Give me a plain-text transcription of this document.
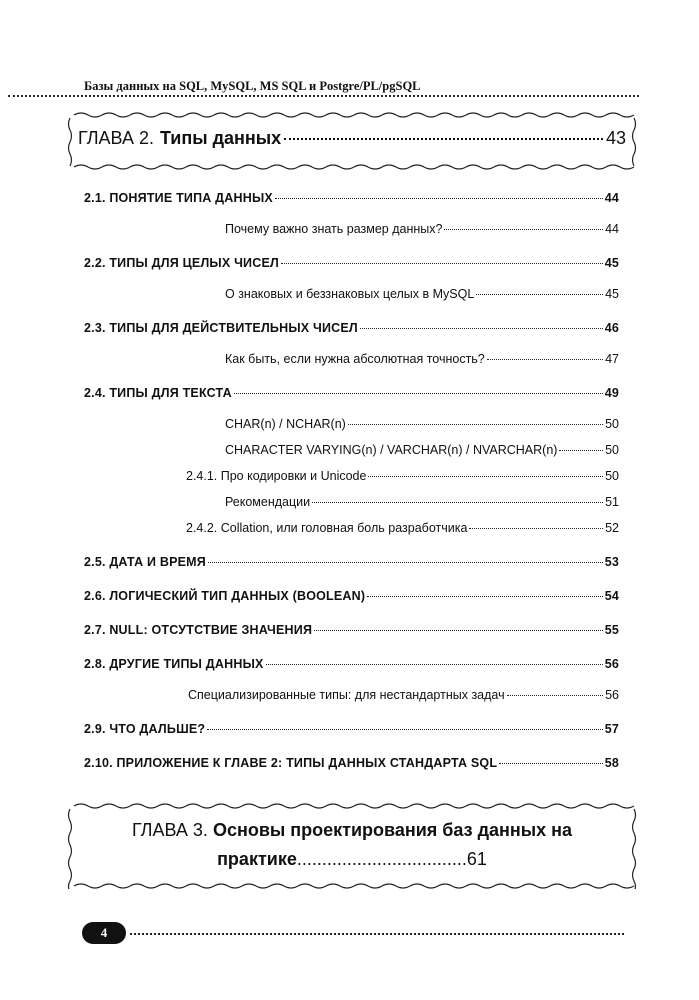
Базы данных на SQL, MySQL, MS SQL и Postgre/PL/pgSQL
ГЛАВА 2. Типы данных	43
2.1. ПОНЯТИЕ ТИПА ДАННЫХ	44
Почему важно знать размер данных?	44
2.2. ТИПЫ ДЛЯ ЦЕЛЫХ ЧИСЕЛ	45
О знаковых и беззнаковых целых в MySQL	45
2.3. ТИПЫ ДЛЯ ДЕЙСТВИТЕЛЬНЫХ ЧИСЕЛ	46
Как быть, если нужна абсолютная точность?	47
2.4. ТИПЫ ДЛЯ ТЕКСТА	49
CHAR(n) / NCHAR(n)	50
CHARACTER VARYING(n) / VARCHAR(n) / NVARCHAR(n)	50
2.4.1. Про кодировки и Unicode	50
Рекомендации	51
2.4.2. Collation, или головная боль разработчика	52
2.5. ДАТА И ВРЕМЯ	53
2.6. ЛОГИЧЕСКИЙ ТИП ДАННЫХ (BOOLEAN)	54
2.7. NULL: ОТСУТСТВИЕ ЗНАЧЕНИЯ	55
2.8. ДРУГИЕ ТИПЫ ДАННЫХ	56
Специализированные типы: для нестандартных задач	56
2.9. ЧТО ДАЛЬШЕ?	57
2.10. ПРИЛОЖЕНИЕ К ГЛАВЕ 2: ТИПЫ ДАННЫХ СТАНДАРТА SQL	58
ГЛАВА 3. Основы проектирования баз данных на
практике..................................61
4
